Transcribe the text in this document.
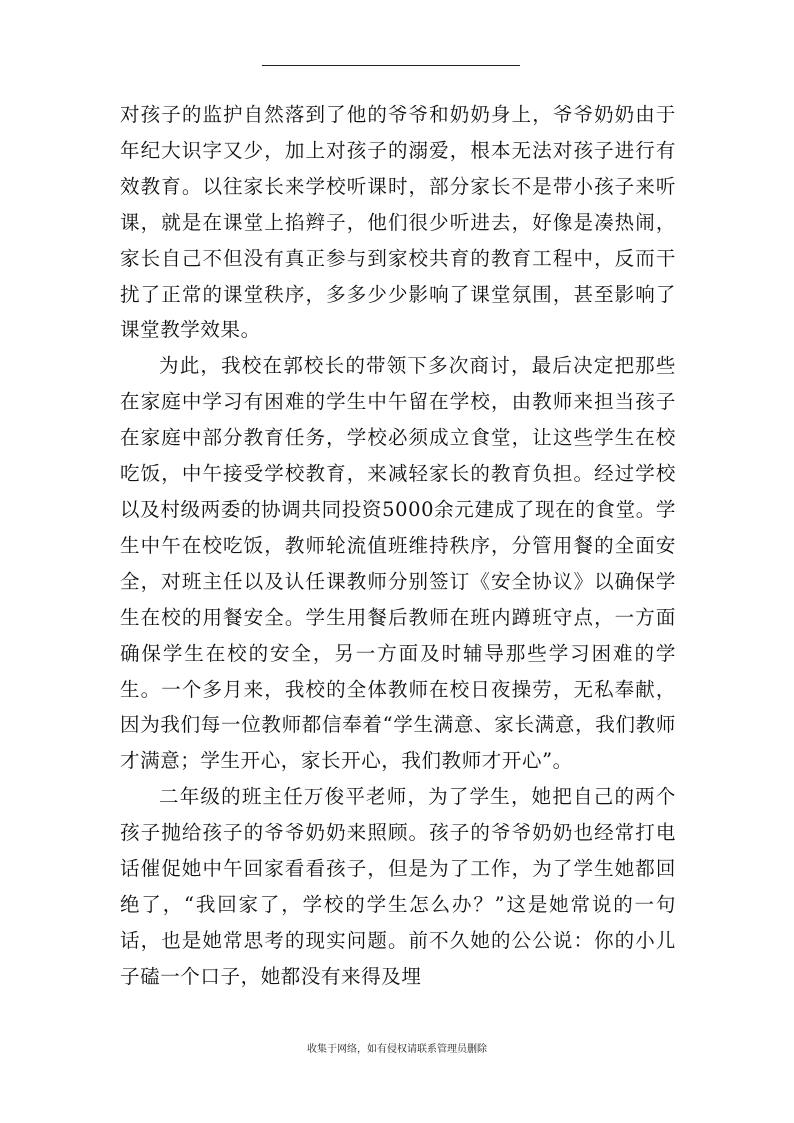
对孩子的监护自然落到了他的爷爷和奶奶身上，爷爷奶奶由于年纪大识字又少，加上对孩子的溺爱，根本无法对孩子进行有效教育。以往家长来学校听课时，部分家长不是带小孩子来听课，就是在课堂上掐辫子，他们很少听进去，好像是凑热闹，家长自己不但没有真正参与到家校共育的教育工程中，反而干扰了正常的课堂秩序，多多少少影响了课堂氛围，甚至影响了课堂教学效果。

为此，我校在郭校长的带领下多次商讨，最后决定把那些在家庭中学习有困难的学生中午留在学校，由教师来担当孩子在家庭中部分教育任务，学校必须成立食堂，让这些学生在校吃饭，中午接受学校教育，来减轻家长的教育负担。经过学校以及村级两委的协调共同投资5000余元建成了现在的食堂。学生中午在校吃饭，教师轮流值班维持秩序，分管用餐的全面安全，对班主任以及认任课教师分别签订《安全协议》以确保学生在校的用餐安全。学生用餐后教师在班内蹲班守点，一方面确保学生在校的安全，另一方面及时辅导那些学习困难的学生。一个多月来，我校的全体教师在校日夜操劳，无私奉献，因为我们每一位教师都信奉着“学生满意、家长满意，我们教师才满意；学生开心，家长开心，我们教师才开心”。

二年级的班主任万俊平老师，为了学生，她把自己的两个孩子抛给孩子的爷爷奶奶来照顾。孩子的爷爷奶奶也经常打电话催促她中午回家看看孩子，但是为了工作，为了学生她都回绝了，“我回家了，学校的学生怎么办？”这是她常说的一句话，也是她常思考的现实问题。前不久她的公公说：你的小儿子磕一个口子，她都没有来得及埋

收集于网络，如有侵权请联系管理员删除
